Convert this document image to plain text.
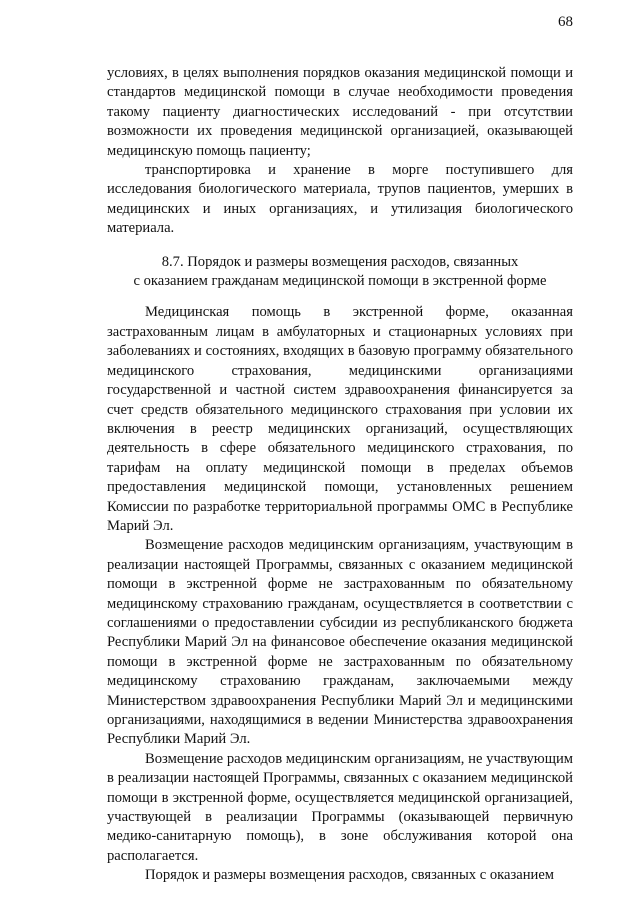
68

условиях, в целях выполнения порядков оказания медицинской помощи и стандартов медицинской помощи в случае необходимости проведения такому пациенту диагностических исследований - при отсутствии возможности их проведения медицинской организацией, оказывающей медицинскую помощь пациенту;

транспортировка и хранение в морге поступившего для исследования биологического материала, трупов пациентов, умерших в медицинских и иных организациях, и утилизация биологического материала.

8.7. Порядок и размеры возмещения расходов, связанных
с оказанием гражданам медицинской помощи в экстренной форме

Медицинская помощь в экстренной форме, оказанная застрахованным лицам в амбулаторных и стационарных условиях при заболеваниях и состояниях, входящих в базовую программу обязательного медицинского страхования, медицинскими организациями государственной и частной систем здравоохранения финансируется за счет средств обязательного медицинского страхования при условии их включения в реестр медицинских организаций, осуществляющих деятельность в сфере обязательного медицинского страхования, по тарифам на оплату медицинской помощи в пределах объемов предоставления медицинской помощи, установленных решением Комиссии по разработке территориальной программы ОМС в Республике Марий Эл.

Возмещение расходов медицинским организациям, участвующим в реализации настоящей Программы, связанных с оказанием медицинской помощи в экстренной форме не застрахованным по обязательному медицинскому страхованию гражданам, осуществляется в соответствии с соглашениями о предоставлении субсидии из республиканского бюджета Республики Марий Эл на финансовое обеспечение оказания медицинской помощи в экстренной форме не застрахованным по обязательному медицинскому страхованию гражданам, заключаемыми между Министерством здравоохранения Республики Марий Эл и медицинскими организациями, находящимися в ведении Министерства здравоохранения Республики Марий Эл.

Возмещение расходов медицинским организациям, не участвующим в реализации настоящей Программы, связанных с оказанием медицинской помощи в экстренной форме, осуществляется медицинской организацией, участвующей в реализации Программы (оказывающей первичную медико-санитарную помощь), в зоне обслуживания которой она располагается.

Порядок и размеры возмещения расходов, связанных с оказанием
